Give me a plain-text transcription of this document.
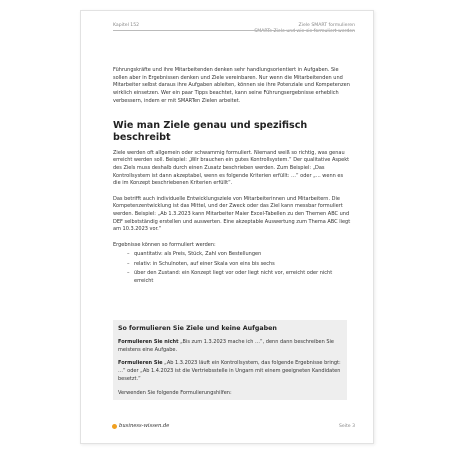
Kapitel 152	Ziele SMART formulieren
SMARTe Ziele und wie sie formuliert werden

Führungskräfte und ihre Mitarbeitenden denken sehr handlungsorientiert in Aufgaben. Sie sollen aber in Ergebnissen denken und Ziele vereinbaren. Nur wenn die Mitarbeitenden und Mitarbeiter selbst daraus ihre Aufgaben ableiten, können sie ihre Potenziale und Kompetenzen wirklich einsetzen. Wer ein paar Tipps beachtet, kann seine Führungsergebnisse erheblich verbessern, indem er mit SMARTen Zielen arbeitet.

Wie man Ziele genau und spezifisch beschreibt

Ziele werden oft allgemein oder schwammig formuliert. Niemand weiß so richtig, was genau erreicht werden soll. Beispiel: „Wir brauchen ein gutes Kontrollsystem.“ Der qualitative Aspekt des Ziels muss deshalb durch einen Zusatz beschrieben werden. Zum Beispiel: „Das Kontrollsystem ist dann akzeptabel, wenn es folgende Kriterien erfüllt: …“ oder „… wenn es die im Konzept beschriebenen Kriterien erfüllt“.

Das betrifft auch individuelle Entwicklungsziele von Mitarbeiterinnen und Mitarbeitern. Die Kompetenzentwicklung ist das Mittel, und der Zweck oder das Ziel kann messbar formuliert werden. Beispiel: „Ab 1.3.2023 kann Mitarbeiter Maier Excel-Tabellen zu den Themen ABC und DEF selbstständig erstellen und auswerten. Eine akzeptable Auswertung zum Thema ABC liegt am 10.3.2023 vor.“

Ergebnisse können so formuliert werden:

– quantitativ: als Preis, Stück, Zahl von Bestellungen
– relativ: in Schulnoten, auf einer Skala von eins bis sechs
– über den Zustand: ein Konzept liegt vor oder liegt nicht vor, erreicht oder nicht erreicht
So formulieren Sie Ziele und keine Aufgaben

Formulieren Sie nicht „Bis zum 1.3.2023 mache ich …“, denn dann beschreiben Sie meistens eine Aufgabe.

Formulieren Sie „Ab 1.3.2023 läuft ein Kontrollsystem, das folgende Ergebnisse bringt: …“ oder „Ab 1.4.2023 ist die Vertriebsstelle in Ungarn mit einem geeigneten Kandidaten besetzt.“

Verwenden Sie folgende Formulierungshilfen:

business-wissen.de	Seite 3
